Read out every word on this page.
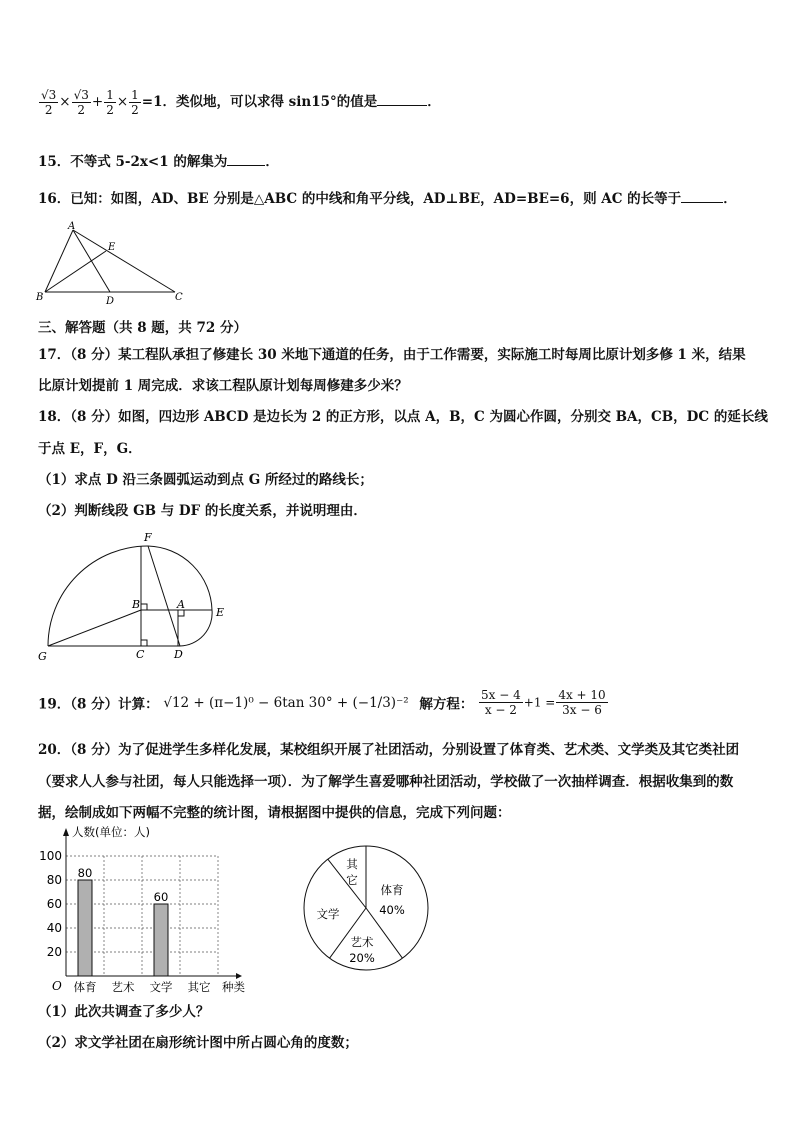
$\frac{√3}{2} \times \frac{√3}{2} + \frac{1}{2} \times \frac{1}{2} =1$．类似地，可以求得 sin15°的值是	．
15．不等式 5-2x<1 的解集为	．
16．已知：如图，AD、BE 分别是△ABC 的中线和角平分线，AD⊥BE，AD=BE=6，则 AC 的长等于	．
A
E
B	D	C
三、解答题（共 8 题，共 72 分）
17．（8 分）某工程队承担了修建长 30 米地下通道的任务，由于工作需要，实际施工时每周比原计划多修 1 米，结果
比原计划提前 1 周完成．求该工程队原计划每周修建多少米？
18．（8 分）如图，四边形 ABCD 是边长为 2 的正方形，以点 A，B，C 为圆心作圆，分别交 BA，CB，DC 的延长线
于点 E，F，G．
（1）求点 D 沿三条圆弧运动到点 G 所经过的路线长；
（2）判断线段 GB 与 DF 的长度关系，并说明理由．
F
B	A
E
G	C	D
19．（8 分）计算： √12 + (π−1)⁰ − 6tan 30° + (−1/3)⁻² 解方程： $\frac{5x - 4}{x - 2} +1 = \frac{4x + 10}{3x - 6}$
20．（8 分）为了促进学生多样化发展，某校组织开展了社团活动，分别设置了体育类、艺术类、文学类及其它类社团
（要求人人参与社团，每人只能选择一项）．为了解学生喜爱哪种社团活动，学校做了一次抽样调查．根据收集到的数
据，绘制成如下两幅不完整的统计图，请根据图中提供的信息，完成下列问题：
20
40
60
80
100
人数(单位：人)
种类
O 体育
80
艺术 文学
60
其它
体育
40%
艺术
20%
文学
其
它
（1）此次共调查了多少人？
（2）求文学社团在扇形统计图中所占圆心角的度数；
